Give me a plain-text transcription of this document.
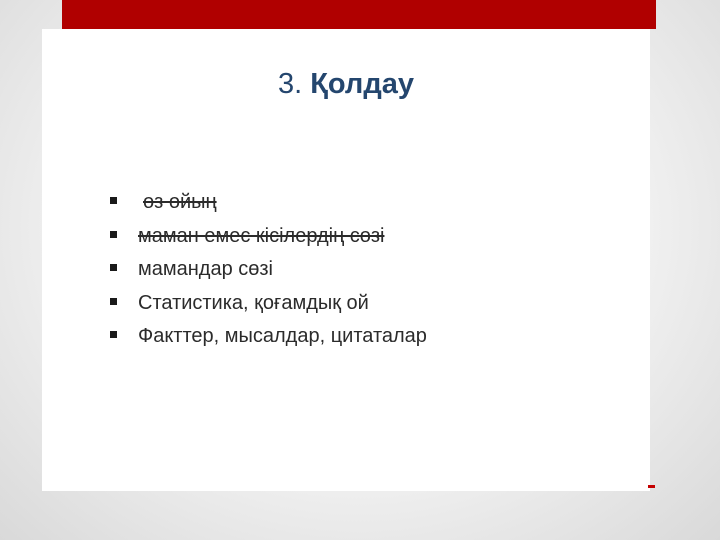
3. Қолдау
өз ойың
маман емес кісілердің сөзі
мамандар сөзі
Статистика, қоғамдық ой
Факттер, мысалдар, цитаталар
